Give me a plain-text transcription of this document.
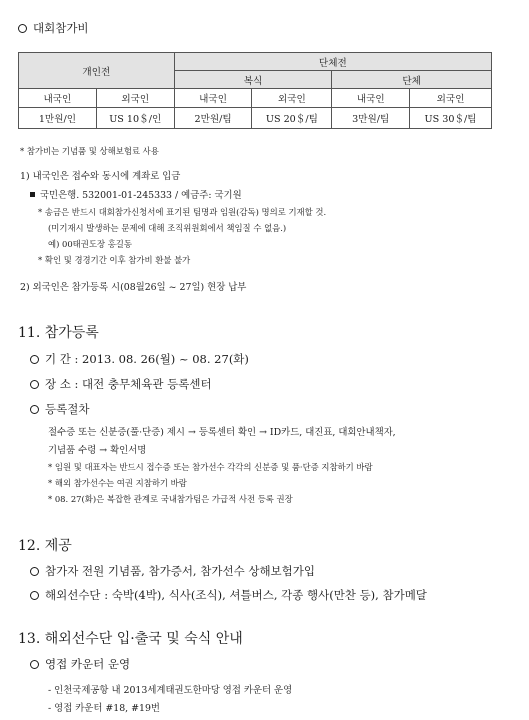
대회참가비
개인전		단체전			
		복식		단체	
내국인	외국인	내국인	외국인	내국인	외국인
1만원/인	US 10＄/인	2만원/팀	US 20＄/팀	3만원/팀	US 30＄/팀
* 참가비는 기념품 및 상해보험료 사용
1) 내국인은 접수와 동시에 계좌로 입금
국민은행. 532001-01-245333 / 예금주: 국기원
* 송금은 반드시 대회참가신청서에 표기된 팀명과 임원(감독) 명의로 기재할 것.
(미기재시 발생하는 문제에 대해 조직위원회에서 책임질 수 없음.)
예) 00태권도장 홍길동
* 확인 및 경경기간 이후 참가비 환불 불가
2) 외국인은 참가등록 시(08월26일 ~ 27일) 현장 납부
11. 참가등록
기 간 : 2013. 08. 26(월) ~ 08. 27(화)
장 소 : 대전 충무체육관 등록센터
등록절차
절수증 또는 신분증(풀·단증) 제시 → 등록센터 확인 → ID카드, 대진표, 대회안내책자,
기념품 수령 → 확인서명
* 임원 및 대표자는 반드시 접수증 또는 참가선수 각각의 신분증 및 품·단증 지참하기 바람
* 해외 참가선수는 여권 지참하기 바람
* 08. 27(화)은 복잡한 관계로 국내참가팀은 가급적 사전 등록 권장
12. 제공
참가자 전원 기념품, 참가증서, 참가선수 상해보험가입
해외선수단 : 숙박(4박), 식사(조식), 셔틀버스, 각종 행사(만찬 등), 참가메달
13. 해외선수단 입·출국 및 숙식 안내
영접 카운터 운영
- 인천국제공항 내 2013세계태권도한마당 영접 카운터 운영
- 영접 카운터 #18, #19번
